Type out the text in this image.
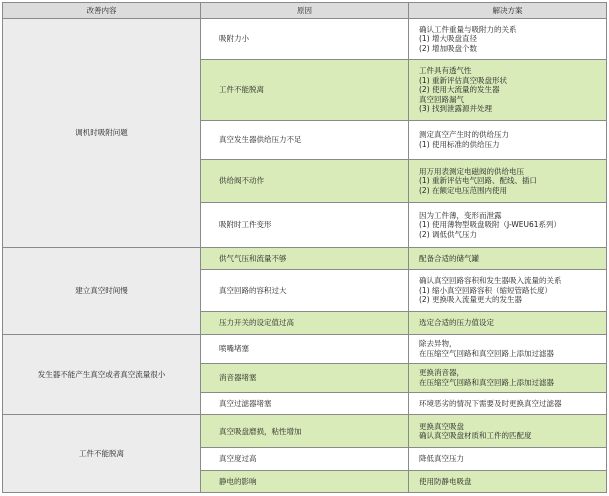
改善内容	原因	解决方案
调机时吸附问题	吸附力小	确认工件重量与吸附力的关系
(1) 增大吸盘直径
(2) 增加吸盘个数

	工件不能脱离	工件具有透气性
(1) 重新评估真空吸盘形状
(2) 使用大流量的发生器
真空回路漏气
(3) 找到泄露源并处理

	真空发生器供给压力不足	测定真空产生时的供给压力
(1) 使用标准的供给压力

	供给阀不动作	用万用表测定电磁阀的供给电压
(1) 重新评估电气回路、配线、插口
(2) 在额定电压范围内使用

	吸附时工件变形	因为工件薄，变形而泄露
(1) 使用薄物型吸盘吸附（J-WEU61系列）
(2) 调低供气压力

建立真空时间慢	供气气压和流量不够	配备合适的储气罐

	真空回路的容积过大	确认真空回路容积和发生器吸入流量的关系
(1) 缩小真空回路容积（缩短管路长度）
(2) 更换吸入流量更大的发生器

	压力开关的设定值过高	选定合适的压力值设定

发生器不能产生真空或者真空流量很小	喷嘴堵塞	除去异物，
在压缩空气回路和真空回路上添加过滤器

	消音器堵塞	更换消音器，
在压缩空气回路和真空回路上添加过滤器

	真空过滤器堵塞	环境恶劣的情况下需要及时更换真空过滤器

工件不能脱离	真空吸盘磨损，粘性增加	更换真空吸盘
确认真空吸盘材质和工件的匹配度

	真空度过高	降低真空压力

	静电的影响	使用防静电吸盘
